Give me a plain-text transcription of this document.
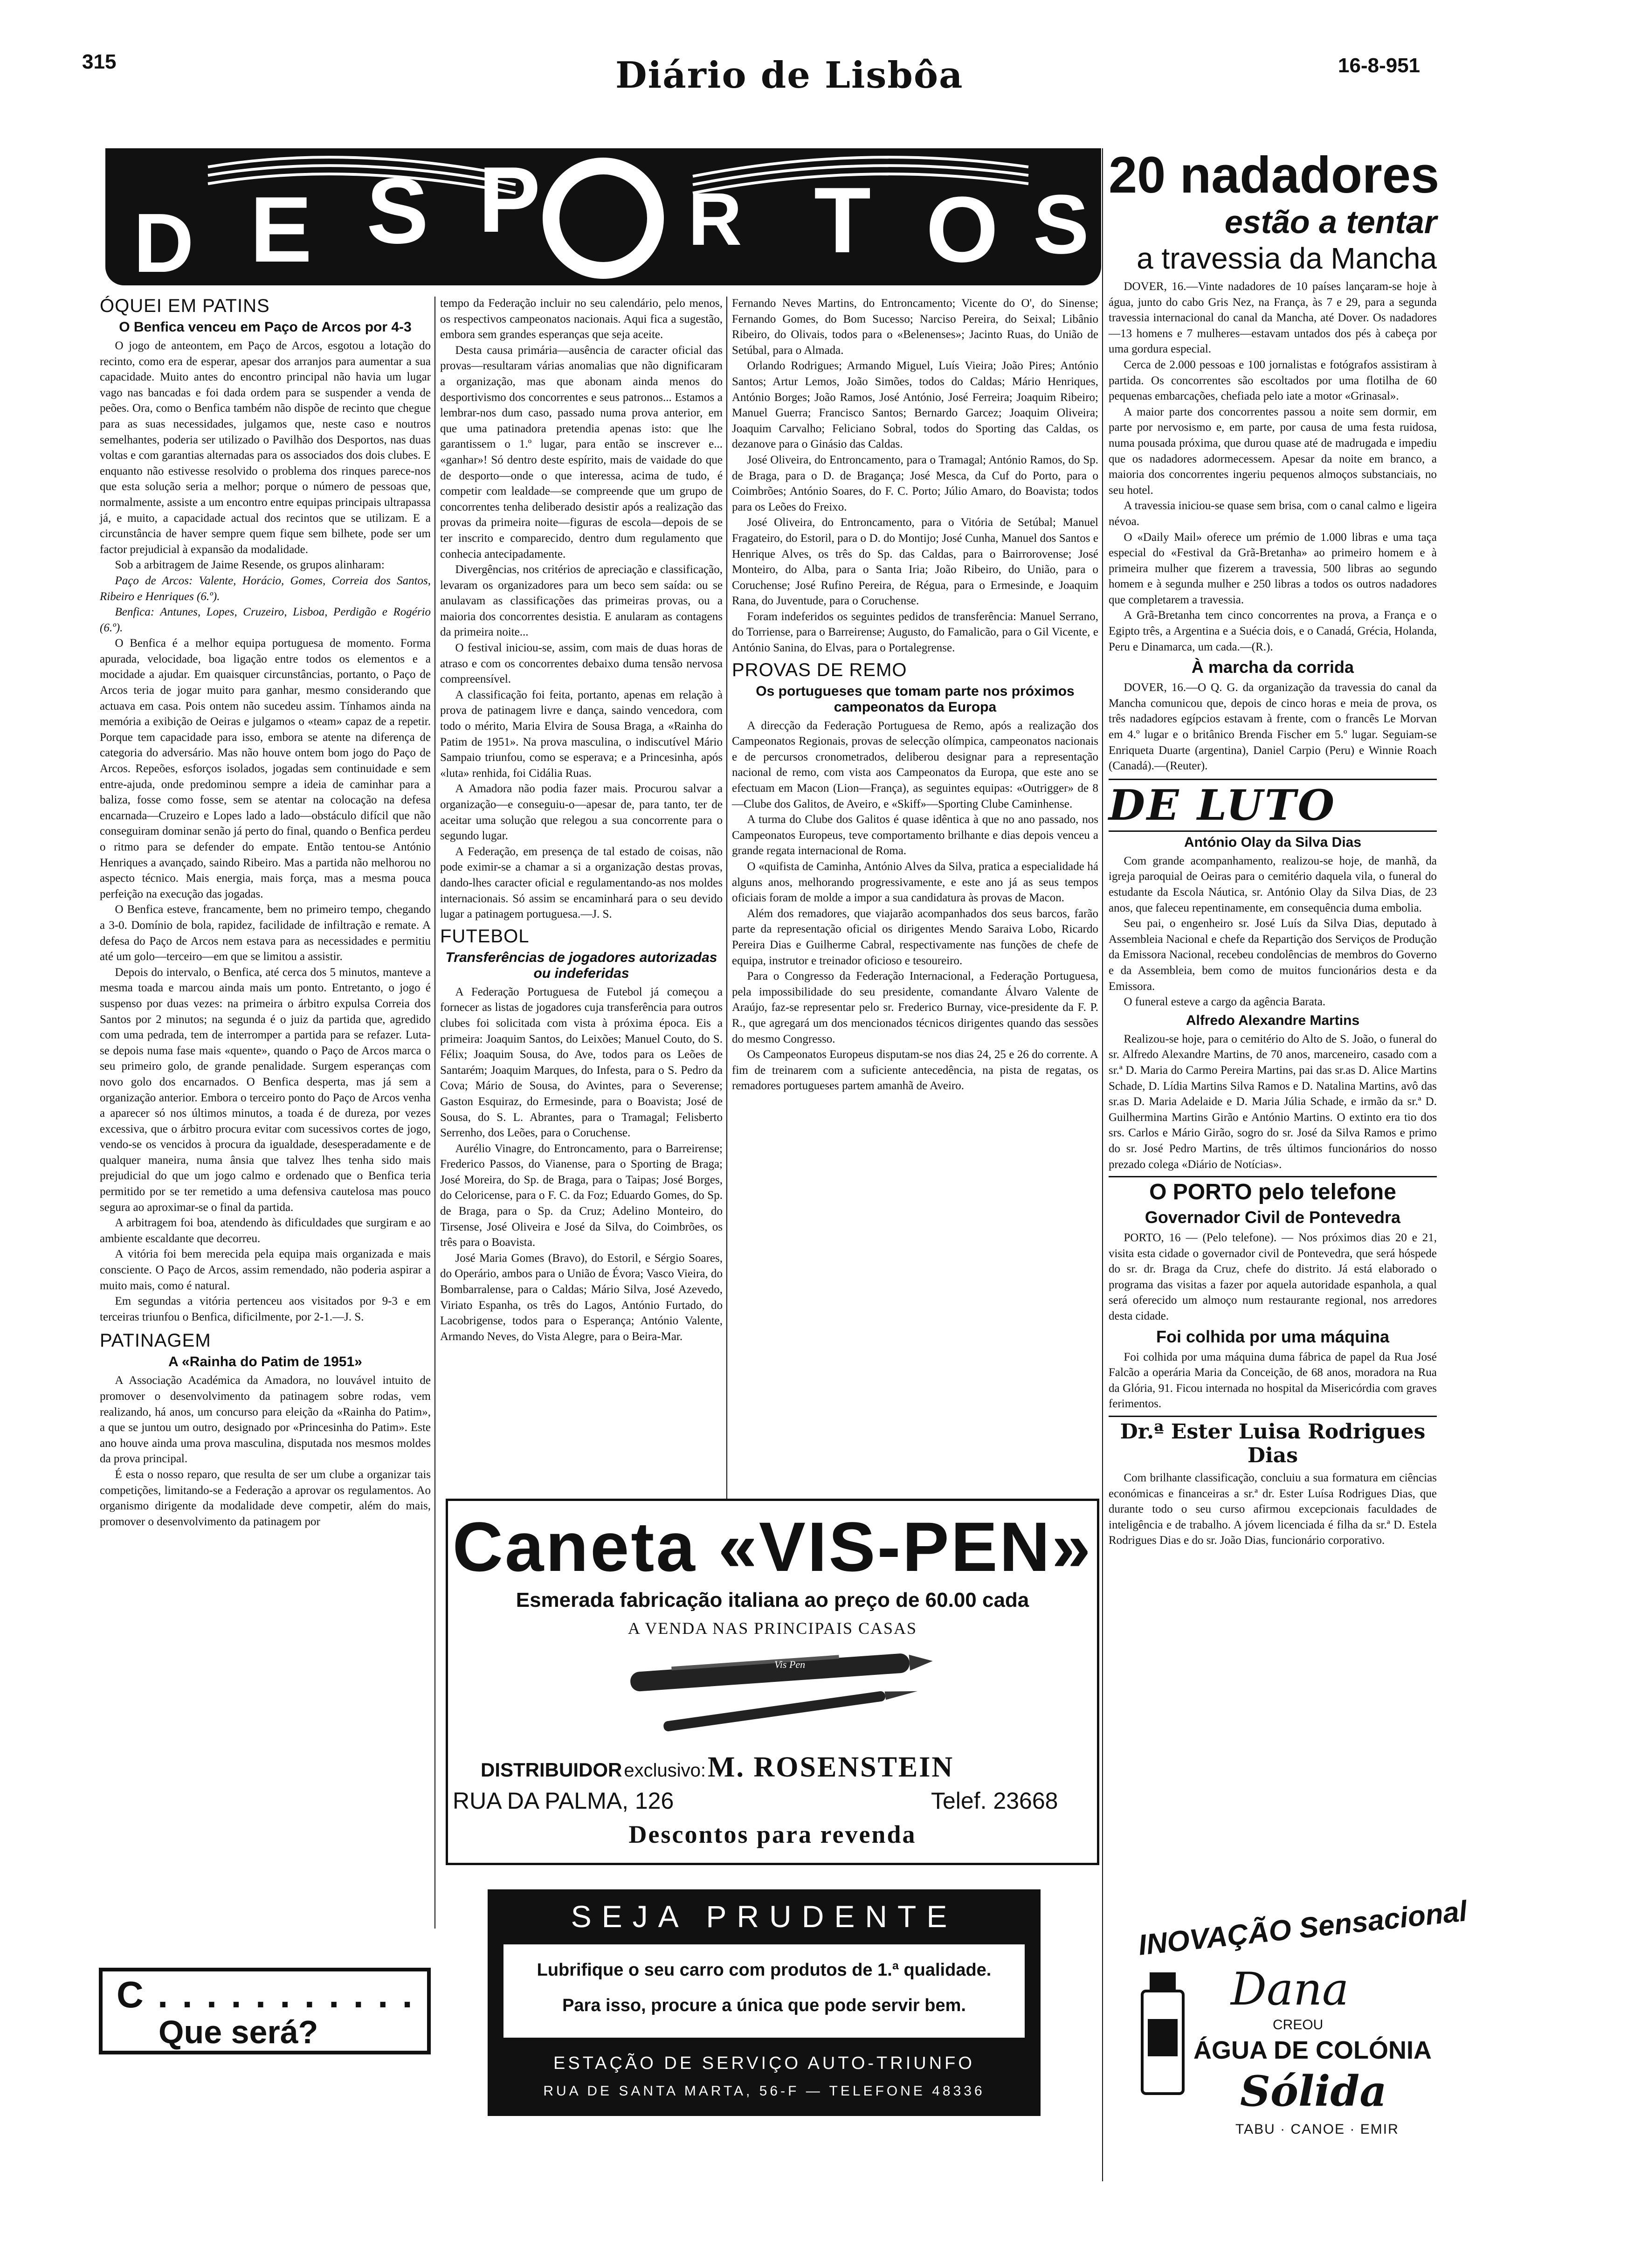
315	Diário de Lisbôa	16-8-951
D E S P R T O S
ÓQUEI EM PATINS
O Benfica venceu em Paço de Arcos por 4-3

O jogo de anteontem, em Paço de Arcos, esgotou a lotação do recinto, como era de esperar, apesar dos arranjos para aumentar a sua capacidade. Muito antes do encontro principal não havia um lugar vago nas bancadas e foi dada ordem para se suspender a venda de peões. Ora, como o Benfica também não dispõe de recinto que chegue para as suas necessidades, julgamos que, neste caso e noutros semelhantes, poderia ser utilizado o Pavilhão dos Desportos, nas duas voltas e com garantias alternadas para os associados dos dois clubes. E enquanto não estivesse resolvido o problema dos rinques parece-nos que esta solução seria a melhor; porque o número de pessoas que, normalmente, assiste a um encontro entre equipas principais ultrapassa já, e muito, a capacidade actual dos recintos que se utilizam. E a circunstância de haver sempre quem fique sem bilhete, pode ser um factor prejudicial à expansão da modalidade.

Sob a arbitragem de Jaime Resende, os grupos alinharam:

Paço de Arcos: Valente, Horácio, Gomes, Correia dos Santos, Ribeiro e Henriques (6.º).

Benfica: Antunes, Lopes, Cruzeiro, Lisboa, Perdigão e Rogério (6.º).

O Benfica é a melhor equipa portuguesa de momento. Forma apurada, velocidade, boa ligação entre todos os elementos e a mocidade a ajudar. Em quaisquer circunstâncias, portanto, o Paço de Arcos teria de jogar muito para ganhar, mesmo considerando que actuava em casa. Pois ontem não sucedeu assim. Tínhamos ainda na memória a exibição de Oeiras e julgamos o «team» capaz de a repetir. Porque tem capacidade para isso, embora se atente na diferença de categoria do adversário. Mas não houve ontem bom jogo do Paço de Arcos. Repeões, esforços isolados, jogadas sem continuidade e sem entre-ajuda, onde predominou sempre a ideia de caminhar para a baliza, fosse como fosse, sem se atentar na colocação na defesa encarnada—Cruzeiro e Lopes lado a lado—obstáculo difícil que não conseguiram dominar senão já perto do final, quando o Benfica perdeu o ritmo para se defender do empate. Então tentou-se António Henriques a avançado, saindo Ribeiro. Mas a partida não melhorou no aspecto técnico. Mais energia, mais força, mas a mesma pouca perfeição na execução das jogadas.

O Benfica esteve, francamente, bem no primeiro tempo, chegando a 3-0. Domínio de bola, rapidez, facilidade de infiltração e remate. A defesa do Paço de Arcos nem estava para as necessidades e permitiu até um golo—terceiro—em que se limitou a assistir.

Depois do intervalo, o Benfica, até cerca dos 5 minutos, manteve a mesma toada e marcou ainda mais um ponto. Entretanto, o jogo é suspenso por duas vezes: na primeira o árbitro expulsa Correia dos Santos por 2 minutos; na segunda é o juiz da partida que, agredido com uma pedrada, tem de interromper a partida para se refazer. Luta-se depois numa fase mais «quente», quando o Paço de Arcos marca o seu primeiro golo, de grande penalidade. Surgem esperanças com novo golo dos encarnados. O Benfica desperta, mas já sem a organização anterior. Embora o terceiro ponto do Paço de Arcos venha a aparecer só nos últimos minutos, a toada é de dureza, por vezes excessiva, que o árbitro procura evitar com sucessivos cortes de jogo, vendo-se os vencidos à procura da igualdade, desesperadamente e de qualquer maneira, numa ânsia que talvez lhes tenha sido mais prejudicial do que um jogo calmo e ordenado que o Benfica teria permitido por se ter remetido a uma defensiva cautelosa mas pouco segura ao aproximar-se o final da partida.

A arbitragem foi boa, atendendo às dificuldades que surgiram e ao ambiente escaldante que decorreu.

A vitória foi bem merecida pela equipa mais organizada e mais consciente. O Paço de Arcos, assim remendado, não poderia aspirar a muito mais, como é natural.

Em segundas a vitória pertenceu aos visitados por 9-3 e em terceiras triunfou o Benfica, dificilmente, por 2-1.—J. S.

PATINAGEM
A «Rainha do Patim de 1951»

A Associação Académica da Amadora, no louvável intuito de promover o desenvolvimento da patinagem sobre rodas, vem realizando, há anos, um concurso para eleição da «Rainha do Patim», a que se juntou um outro, designado por «Princesinha do Patim». Este ano houve ainda uma prova masculina, disputada nos mesmos moldes da prova principal.

É esta o nosso reparo, que resulta de ser um clube a organizar tais competições, limitando-se a Federação a aprovar os regulamentos. Ao organismo dirigente da modalidade deve competir, além do mais, promover o desenvolvimento da patinagem por

C . . . . . . . . . . .
Que será?

tempo da Federação incluir no seu calendário, pelo menos, os respectivos campeonatos nacionais. Aqui fica a sugestão, embora sem grandes esperanças que seja aceite.

Desta causa primária—ausência de caracter oficial das provas—resultaram várias anomalias que não dignificaram a organização, mas que abonam ainda menos do desportivismo dos concorrentes e seus patronos... Estamos a lembrar-nos dum caso, passado numa prova anterior, em que uma patinadora pretendia apenas isto: que lhe garantissem o 1.º lugar, para então se inscrever e... «ganhar»! Só dentro deste espírito, mais de vaidade do que de desporto—onde o que interessa, acima de tudo, é competir com lealdade—se compreende que um grupo de concorrentes tenha deliberado desistir após a realização das provas da primeira noite—figuras de escola—depois de se ter inscrito e comparecido, dentro dum regulamento que conhecia antecipadamente.

Divergências, nos critérios de apreciação e classificação, levaram os organizadores para um beco sem saída: ou se anulavam as classificações das primeiras provas, ou a maioria dos concorrentes desistia. E anularam as contagens da primeira noite...

O festival iniciou-se, assim, com mais de duas horas de atraso e com os concorrentes debaixo duma tensão nervosa compreensível.

A classificação foi feita, portanto, apenas em relação à prova de patinagem livre e dança, saindo vencedora, com todo o mérito, Maria Elvira de Sousa Braga, a «Rainha do Patim de 1951». Na prova masculina, o indiscutível Mário Sampaio triunfou, como se esperava; e a Princesinha, após «luta» renhida, foi Cidália Ruas.

A Amadora não podia fazer mais. Procurou salvar a organização—e conseguiu-o—apesar de, para tanto, ter de aceitar uma solução que relegou a sua concorrente para o segundo lugar.

A Federação, em presença de tal estado de coisas, não pode eximir-se a chamar a si a organização destas provas, dando-lhes caracter oficial e regulamentando-as nos moldes internacionais. Só assim se encaminhará para o seu devido lugar a patinagem portuguesa.—J. S.

FUTEBOL
Transferências de jogadores autorizadas ou indeferidas

A Federação Portuguesa de Futebol já começou a fornecer as listas de jogadores cuja transferência para outros clubes foi solicitada com vista à próxima época. Eis a primeira: Joaquim Santos, do Leixões; Manuel Couto, do S. Félix; Joaquim Sousa, do Ave, todos para os Leões de Santarém; Joaquim Marques, do Infesta, para o S. Pedro da Cova; Mário de Sousa, do Avintes, para o Severense; Gaston Esquiraz, do Ermesinde, para o Boavista; José de Sousa, do S. L. Abrantes, para o Tramagal; Felisberto Serrenho, dos Leões, para o Coruchense.

Aurélio Vinagre, do Entroncamento, para o Barreirense; Frederico Passos, do Vianense, para o Sporting de Braga; José Moreira, do Sp. de Braga, para o Taipas; José Borges, do Celoricense, para o F. C. da Foz; Eduardo Gomes, do Sp. de Braga, para o Sp. da Cruz; Adelino Monteiro, do Tirsense, José Oliveira e José da Silva, do Coimbrões, os três para o Boavista.

José Maria Gomes (Bravo), do Estoril, e Sérgio Soares, do Operário, ambos para o União de Évora; Vasco Vieira, do Bombarralense, para o Caldas; Mário Silva, José Azevedo, Viriato Espanha, os três do Lagos, António Furtado, do Lacobrigense, todos para o Esperança; António Valente, Armando Neves, do Vista Alegre, para o Beira-Mar.

Fernando Neves Martins, do Entroncamento; Vicente do O', do Sinense; Fernando Gomes, do Bom Sucesso; Narciso Pereira, do Seixal; Libânio Ribeiro, do Olivais, todos para o «Belenenses»; Jacinto Ruas, do União de Setúbal, para o Almada.

Orlando Rodrigues; Armando Miguel, Luís Vieira; João Pires; António Santos; Artur Lemos, João Simões, todos do Caldas; Mário Henriques, António Borges; João Ramos, José António, José Ferreira; Joaquim Ribeiro; Manuel Guerra; Francisco Santos; Bernardo Garcez; Joaquim Oliveira; Joaquim Carvalho; Feliciano Sobral, todos do Sporting das Caldas, os dezanove para o Ginásio das Caldas.

José Oliveira, do Entroncamento, para o Tramagal; António Ramos, do Sp. de Braga, para o D. de Bragança; José Mesca, da Cuf do Porto, para o Coimbrões; António Soares, do F. C. Porto; Júlio Amaro, do Boavista; todos para os Leões do Freixo.

José Oliveira, do Entroncamento, para o Vitória de Setúbal; Manuel Fragateiro, do Estoril, para o D. do Montijo; José Cunha, Manuel dos Santos e Henrique Alves, os três do Sp. das Caldas, para o Bairrorovense; José Monteiro, do Alba, para o Santa Iria; João Ribeiro, do União, para o Coruchense; José Rufino Pereira, de Régua, para o Ermesinde, e Joaquim Rana, do Juventude, para o Coruchense.

Foram indeferidos os seguintes pedidos de transferência: Manuel Serrano, do Torriense, para o Barreirense; Augusto, do Famalicão, para o Gil Vicente, e António Sanina, do Elvas, para o Portalegrense.

PROVAS DE REMO
Os portugueses que tomam parte nos próximos campeonatos da Europa

A direcção da Federação Portuguesa de Remo, após a realização dos Campeonatos Regionais, provas de selecção olímpica, campeonatos nacionais e de percursos cronometrados, deliberou designar para a representação nacional de remo, com vista aos Campeonatos da Europa, que este ano se efectuam em Macon (Lion—França), as seguintes equipas: «Outrigger» de 8—Clube dos Galitos, de Aveiro, e «Skiff»—Sporting Clube Caminhense.

A turma do Clube dos Galitos é quase idêntica à que no ano passado, nos Campeonatos Europeus, teve comportamento brilhante e dias depois venceu a grande regata internacional de Roma.

O «quifista de Caminha, António Alves da Silva, pratica a especialidade há alguns anos, melhorando progressivamente, e este ano já as seus tempos oficiais foram de molde a impor a sua candidatura às provas de Macon.

Além dos remadores, que viajarão acompanhados dos seus barcos, farão parte da representação oficial os dirigentes Mendo Saraiva Lobo, Ricardo Pereira Dias e Guilherme Cabral, respectivamente nas funções de chefe de equipa, instrutor e treinador oficioso e tesoureiro.

Para o Congresso da Federação Internacional, a Federação Portuguesa, pela impossibilidade do seu presidente, comandante Álvaro Valente de Araújo, faz-se representar pelo sr. Frederico Burnay, vice-presidente da F. P. R., que agregará um dos mencionados técnicos dirigentes quando das sessões do mesmo Congresso.

Os Campeonatos Europeus disputam-se nos dias 24, 25 e 26 do corrente. A fim de treinarem com a suficiente antecedência, na pista de regatas, os remadores portugueses partem amanhã de Aveiro.

Caneta «VIS-PEN»
Esmerada fabricação italiana ao preço de 60.00 cada
A VENDA NAS PRINCIPAIS CASAS
Vis Pen
DISTRIBUIDOR exclusivo: M. ROSENSTEIN
RUA DA PALMA, 126	Telef. 23668
Descontos para revenda
SEJA PRUDENTE
Lubrifique o seu carro com produtos de 1.ª qualidade.
Para isso, procure a única que pode servir bem.
ESTAÇÃO DE SERVIÇO AUTO-TRIUNFO
RUA DE SANTA MARTA, 56-F — TELEFONE 48336
20 nadadores
estão a tentar
a travessia da Mancha

DOVER, 16.—Vinte nadadores de 10 países lançaram-se hoje à água, junto do cabo Gris Nez, na França, às 7 e 29, para a segunda travessia internacional do canal da Mancha, até Dover. Os nadadores—13 homens e 7 mulheres—estavam untados dos pés à cabeça por uma gordura especial.

Cerca de 2.000 pessoas e 100 jornalistas e fotógrafos assistiram à partida. Os concorrentes são escoltados por uma flotilha de 60 pequenas embarcações, chefiada pelo iate a motor «Grinasal».

A maior parte dos concorrentes passou a noite sem dormir, em parte por nervosismo e, em parte, por causa de uma festa ruidosa, numa pousada próxima, que durou quase até de madrugada e impediu que os nadadores adormecessem. Apesar da noite em branco, a maioria dos concorrentes ingeriu pequenos almoços substanciais, no seu hotel.

A travessia iniciou-se quase sem brisa, com o canal calmo e ligeira névoa.

O «Daily Mail» oferece um prémio de 1.000 libras e uma taça especial do «Festival da Grã-Bretanha» ao primeiro homem e à primeira mulher que fizerem a travessia, 500 libras ao segundo homem e à segunda mulher e 250 libras a todos os outros nadadores que completarem a travessia.

A Grã-Bretanha tem cinco concorrentes na prova, a França e o Egipto três, a Argentina e a Suécia dois, e o Canadá, Grécia, Holanda, Peru e Dinamarca, um cada.—(R.).

À marcha da corrida

DOVER, 16.—O Q. G. da organização da travessia do canal da Mancha comunicou que, depois de cinco horas e meia de prova, os três nadadores egípcios estavam à frente, com o francês Le Morvan em 4.º lugar e o britânico Brenda Fischer em 5.º lugar. Seguiam-se Enriqueta Duarte (argentina), Daniel Carpio (Peru) e Winnie Roach (Canadá).—(Reuter).

DE LUTO
António Olay da Silva Dias

Com grande acompanhamento, realizou-se hoje, de manhã, da igreja paroquial de Oeiras para o cemitério daquela vila, o funeral do estudante da Escola Náutica, sr. António Olay da Silva Dias, de 23 anos, que faleceu repentinamente, em consequência duma embolia.

Seu pai, o engenheiro sr. José Luís da Silva Dias, deputado à Assembleia Nacional e chefe da Repartição dos Serviços de Produção da Emissora Nacional, recebeu condolências de membros do Governo e da Assembleia, bem como de muitos funcionários desta e da Emissora.

O funeral esteve a cargo da agência Barata.

Alfredo Alexandre Martins

Realizou-se hoje, para o cemitério do Alto de S. João, o funeral do sr. Alfredo Alexandre Martins, de 70 anos, marceneiro, casado com a sr.ª D. Maria do Carmo Pereira Martins, pai das sr.as D. Alice Martins Schade, D. Lídia Martins Silva Ramos e D. Natalina Martins, avô das sr.as D. Maria Adelaide e D. Maria Júlia Schade, e irmão da sr.ª D. Guilhermina Martins Girão e António Martins. O extinto era tio dos srs. Carlos e Mário Girão, sogro do sr. José da Silva Ramos e primo do sr. José Pedro Martins, de três últimos funcionários do nosso prezado colega «Diário de Notícias».

O PORTO pelo telefone
Governador Civil de Pontevedra

PORTO, 16 — (Pelo telefone). — Nos próximos dias 20 e 21, visita esta cidade o governador civil de Pontevedra, que será hóspede do sr. dr. Braga da Cruz, chefe do distrito. Já está elaborado o programa das visitas a fazer por aquela autoridade espanhola, a qual será oferecido um almoço num restaurante regional, nos arredores desta cidade.

Foi colhida por uma máquina

Foi colhida por uma máquina duma fábrica de papel da Rua José Falcão a operária Maria da Conceição, de 68 anos, moradora na Rua da Glória, 91. Ficou internada no hospital da Misericórdia com graves ferimentos.

Dr.ª Ester Luisa Rodrigues Dias

Com brilhante classificação, concluiu a sua formatura em ciências económicas e financeiras a sr.ª dr. Ester Luísa Rodrigues Dias, que durante todo o seu curso afirmou excepcionais faculdades de inteligência e de trabalho. A jóvem licenciada é filha da sr.ª D. Estela Rodrigues Dias e do sr. João Dias, funcionário corporativo.

INOVAÇÃO Sensacional
Dana
CREOU
ÁGUA DE COLÓNIA
Sólida
TABU · CANOE · EMIR
